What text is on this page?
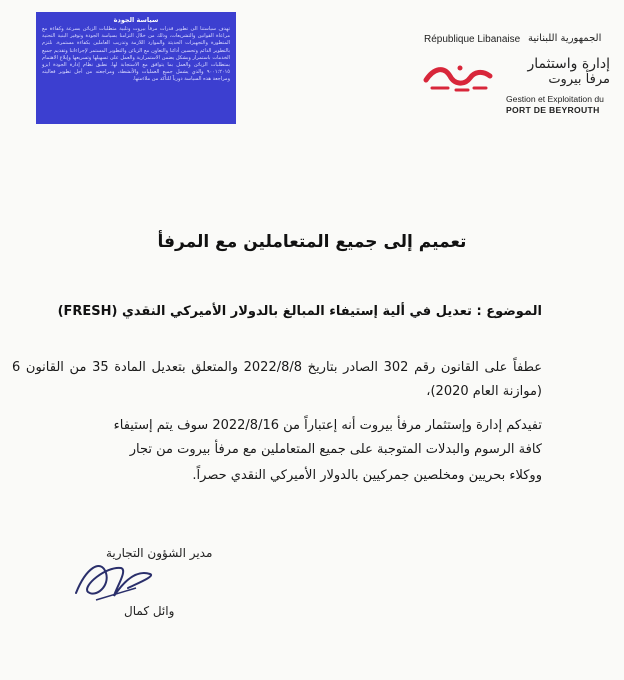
سياسة الجودة
تهدف سياستنا الى تطوير قدرات مرفأ بيروت وتلبية متطلبات الزبائن بسرعة وكفاءة مع مراعاة القوانين والتشريعات، وذلك من خلال التزامنا بسياسة الجودة وتوفير البنية التحتية المتطورة والتجهيزات الحديثة والموارد اللازمة وتدريب العاملين بكفاءة مستمرة. نلتزم بالتطوير الدائم وتحسين أدائنا والتعاون مع الزبائن والتطوير المستمر لإجراءاتنا وتقديم جميع الخدمات باستمرار وبشكل يضمن الاستمرارية والعمل على تسهيلها وتسريعها وإبلاغ الاهتمام بمتطلبات الزبائن والعمل بما يتوافق مع الاستجابة لها. نطبق نظام إدارة الجودة ايزو ٩٠٠١:٢٠١٥ والذي يشمل جميع العمليات والأنشطة، ومراجعته من أجل تطوير فعاليته ومراجعة هذه السياسة دورياً للتأكد من ملاءمتها.
République Libanaise الجمهورية اللبنانية
إدارة واستثمار
مرفأ بيروت
Gestion et Exploitation du
PORT DE BEYROUTH
تعميم إلى جميع المتعاملين مع المرفأ
الموضوع : تعديل في ألية إستيفاء المبالغ بالدولار الأميركي النقدي (FRESH)
عطفاً على القانون رقم 302 الصادر بتاريخ 2022/8/8 والمتعلق بتعديل المادة 35 من القانون 6 (موازنة العام 2020)،
تفيدكم إدارة وإستثمار مرفأ بيروت أنه إعتباراً من 2022/8/16 سوف يتم إستيفاء
كافة الرسوم والبدلات المتوجبة على جميع المتعاملين مع مرفأ بيروت من تجار
ووكلاء بحريين ومخلصين جمركيين بالدولار الأميركي النقدي حصراً.
مدير الشؤون التجارية
وائل كمال
